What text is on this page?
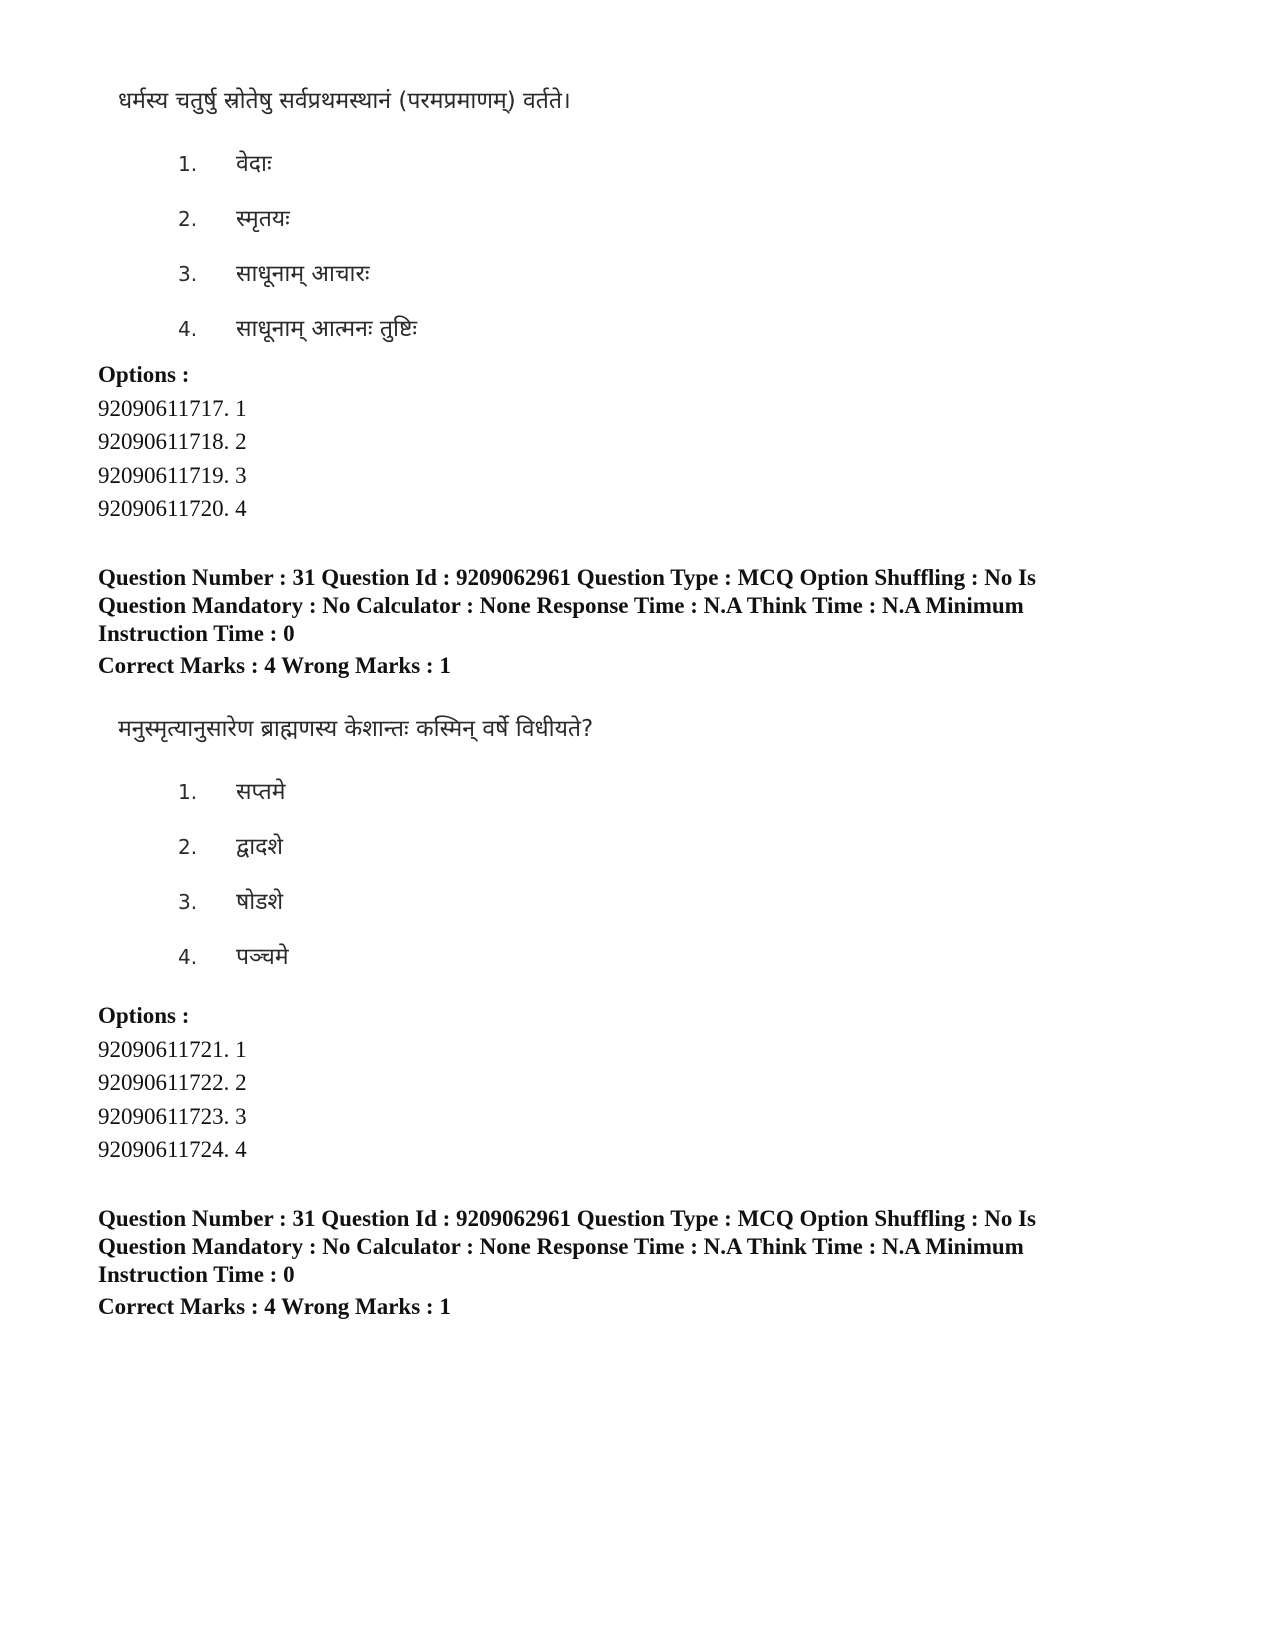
धर्मस्य चतुर्षु स्रोतेषु सर्वप्रथमस्थानं (परमप्रमाणम्) वर्तते।
1. वेदाः
2. स्मृतयः
3. साधूनाम् आचारः
4. साधूनाम् आत्मनः तुष्टिः
Options :
92090611717. 1
92090611718. 2
92090611719. 3
92090611720. 4
Question Number : 31 Question Id : 9209062961 Question Type : MCQ Option Shuffling : No Is
Question Mandatory : No Calculator : None Response Time : N.A Think Time : N.A Minimum
Instruction Time : 0
Correct Marks : 4 Wrong Marks : 1
मनुस्मृत्यानुसारेण ब्राह्मणस्य केशान्तः कस्मिन् वर्षे विधीयते?
1. सप्तमे
2. द्वादशे
3. षोडशे
4. पञ्चमे
Options :
92090611721. 1
92090611722. 2
92090611723. 3
92090611724. 4
Question Number : 31 Question Id : 9209062961 Question Type : MCQ Option Shuffling : No Is
Question Mandatory : No Calculator : None Response Time : N.A Think Time : N.A Minimum
Instruction Time : 0
Correct Marks : 4 Wrong Marks : 1
